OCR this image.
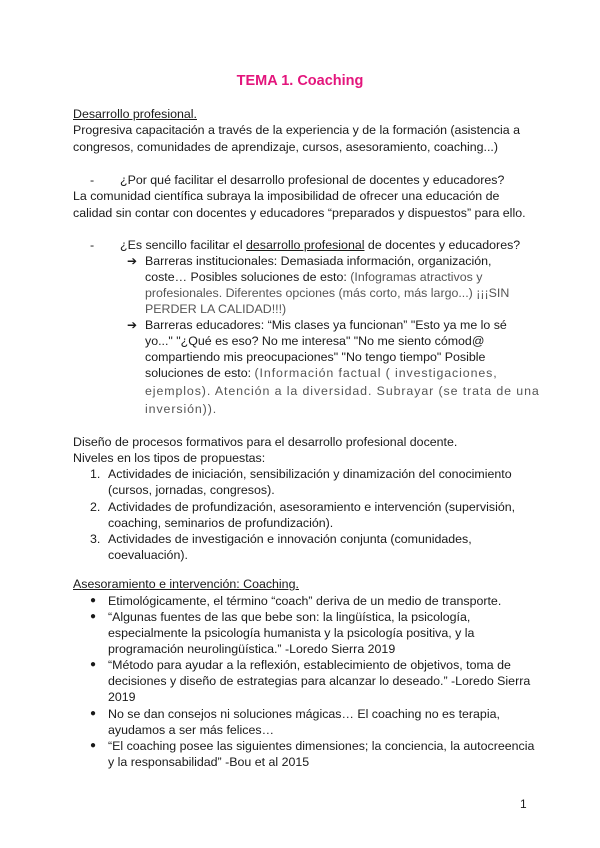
TEMA 1. Coaching
Desarrollo profesional.
Progresiva capacitación a través de la experiencia y de la formación (asistencia a
congresos, comunidades de aprendizaje, cursos, asesoramiento, coaching...)
- ¿Por qué facilitar el desarrollo profesional de docentes y educadores?
La comunidad científica subraya la imposibilidad de ofrecer una educación de
calidad sin contar con docentes y educadores “preparados y dispuestos” para ello.
- ¿Es sencillo facilitar el desarrollo profesional de docentes y educadores?
➔ Barreras institucionales: Demasiada información, organización,
coste… Posibles soluciones de esto: (Infogramas atractivos y
profesionales. Diferentes opciones (más corto, más largo...) ¡¡¡SIN
PERDER LA CALIDAD!!!)
➔ Barreras educadores: “Mis clases ya funcionan” "Esto ya me lo sé
yo..." "¿Qué es eso? No me interesa" "No me siento cómod@
compartiendo mis preocupaciones" "No tengo tiempo" Posible
soluciones de esto: (Información factual ( investigaciones,
ejemplos). Atención a la diversidad. Subrayar (se trata de una
inversión)).
Diseño de procesos formativos para el desarrollo profesional docente.
Niveles en los tipos de propuestas:
1. Actividades de iniciación, sensibilización y dinamización del conocimiento
(cursos, jornadas, congresos).
2. Actividades de profundización, asesoramiento e intervención (supervisión,
coaching, seminarios de profundización).
3. Actividades de investigación e innovación conjunta (comunidades,
coevaluación).
Asesoramiento e intervención: Coaching.
● Etimológicamente, el término “coach” deriva de un medio de transporte.
● “Algunas fuentes de las que bebe son: la lingüística, la psicología,
especialmente la psicología humanista y la psicología positiva, y la
programación neurolingüística.” -Loredo Sierra 2019
● “Método para ayudar a la reflexión, establecimiento de objetivos, toma de
decisiones y diseño de estrategias para alcanzar lo deseado.” -Loredo Sierra
2019
● No se dan consejos ni soluciones mágicas… El coaching no es terapia,
ayudamos a ser más felices…
● “El coaching posee las siguientes dimensiones; la conciencia, la autocreencia
y la responsabilidad” -Bou et al 2015
1
